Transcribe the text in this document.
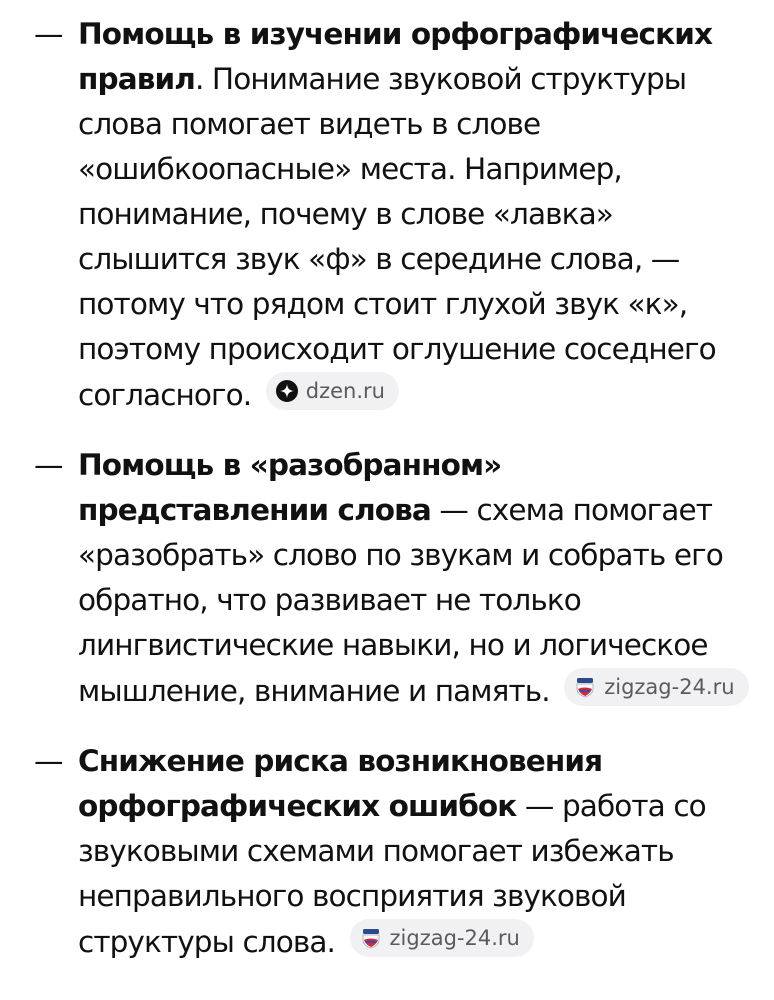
— Помощь в изучении орфографических правил. Понимание звуковой структуры слова помогает видеть в слове «ошибкоопасные» места. Например, понимание, почему в слове «лавка» слышится звук «ф» в середине слова, — потому что рядом стоит глухой звук «к», поэтому происходит оглушение соседнего согласного.	dzen.ru
— Помощь в «разобранном» представлении слова — схема помогает «разобрать» слово по звукам и собрать его обратно, что развивает не только лингвистические навыки, но и логическое мышление, внимание и память.	zigzag-24.ru
— Снижение риска возникновения орфографических ошибок — работа со звуковыми схемами помогает избежать неправильного восприятия звуковой структуры слова.	zigzag-24.ru
